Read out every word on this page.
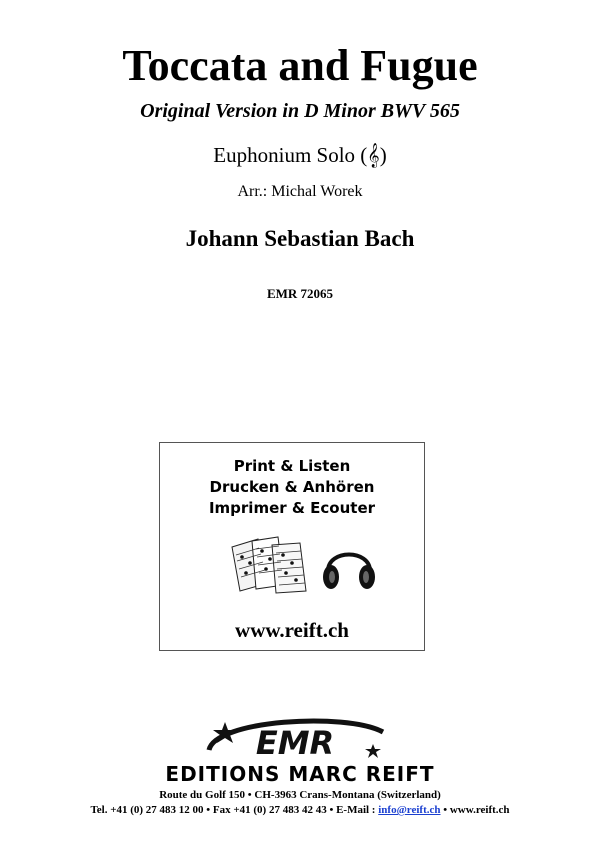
Toccata and Fugue
Original Version in D Minor BWV 565
Euphonium Solo (𝄞)
Arr.: Michal Worek
Johann Sebastian Bach
EMR 72065
Print & Listen
Drucken & Anhören
Imprimer & Ecouter
www.reift.ch
EMR
EDITIONS MARC REIFT
Route du Golf 150 • CH-3963 Crans-Montana (Switzerland)
Tel. +41 (0) 27 483 12 00 • Fax +41 (0) 27 483 42 43 • E-Mail : info@reift.ch • www.reift.ch
